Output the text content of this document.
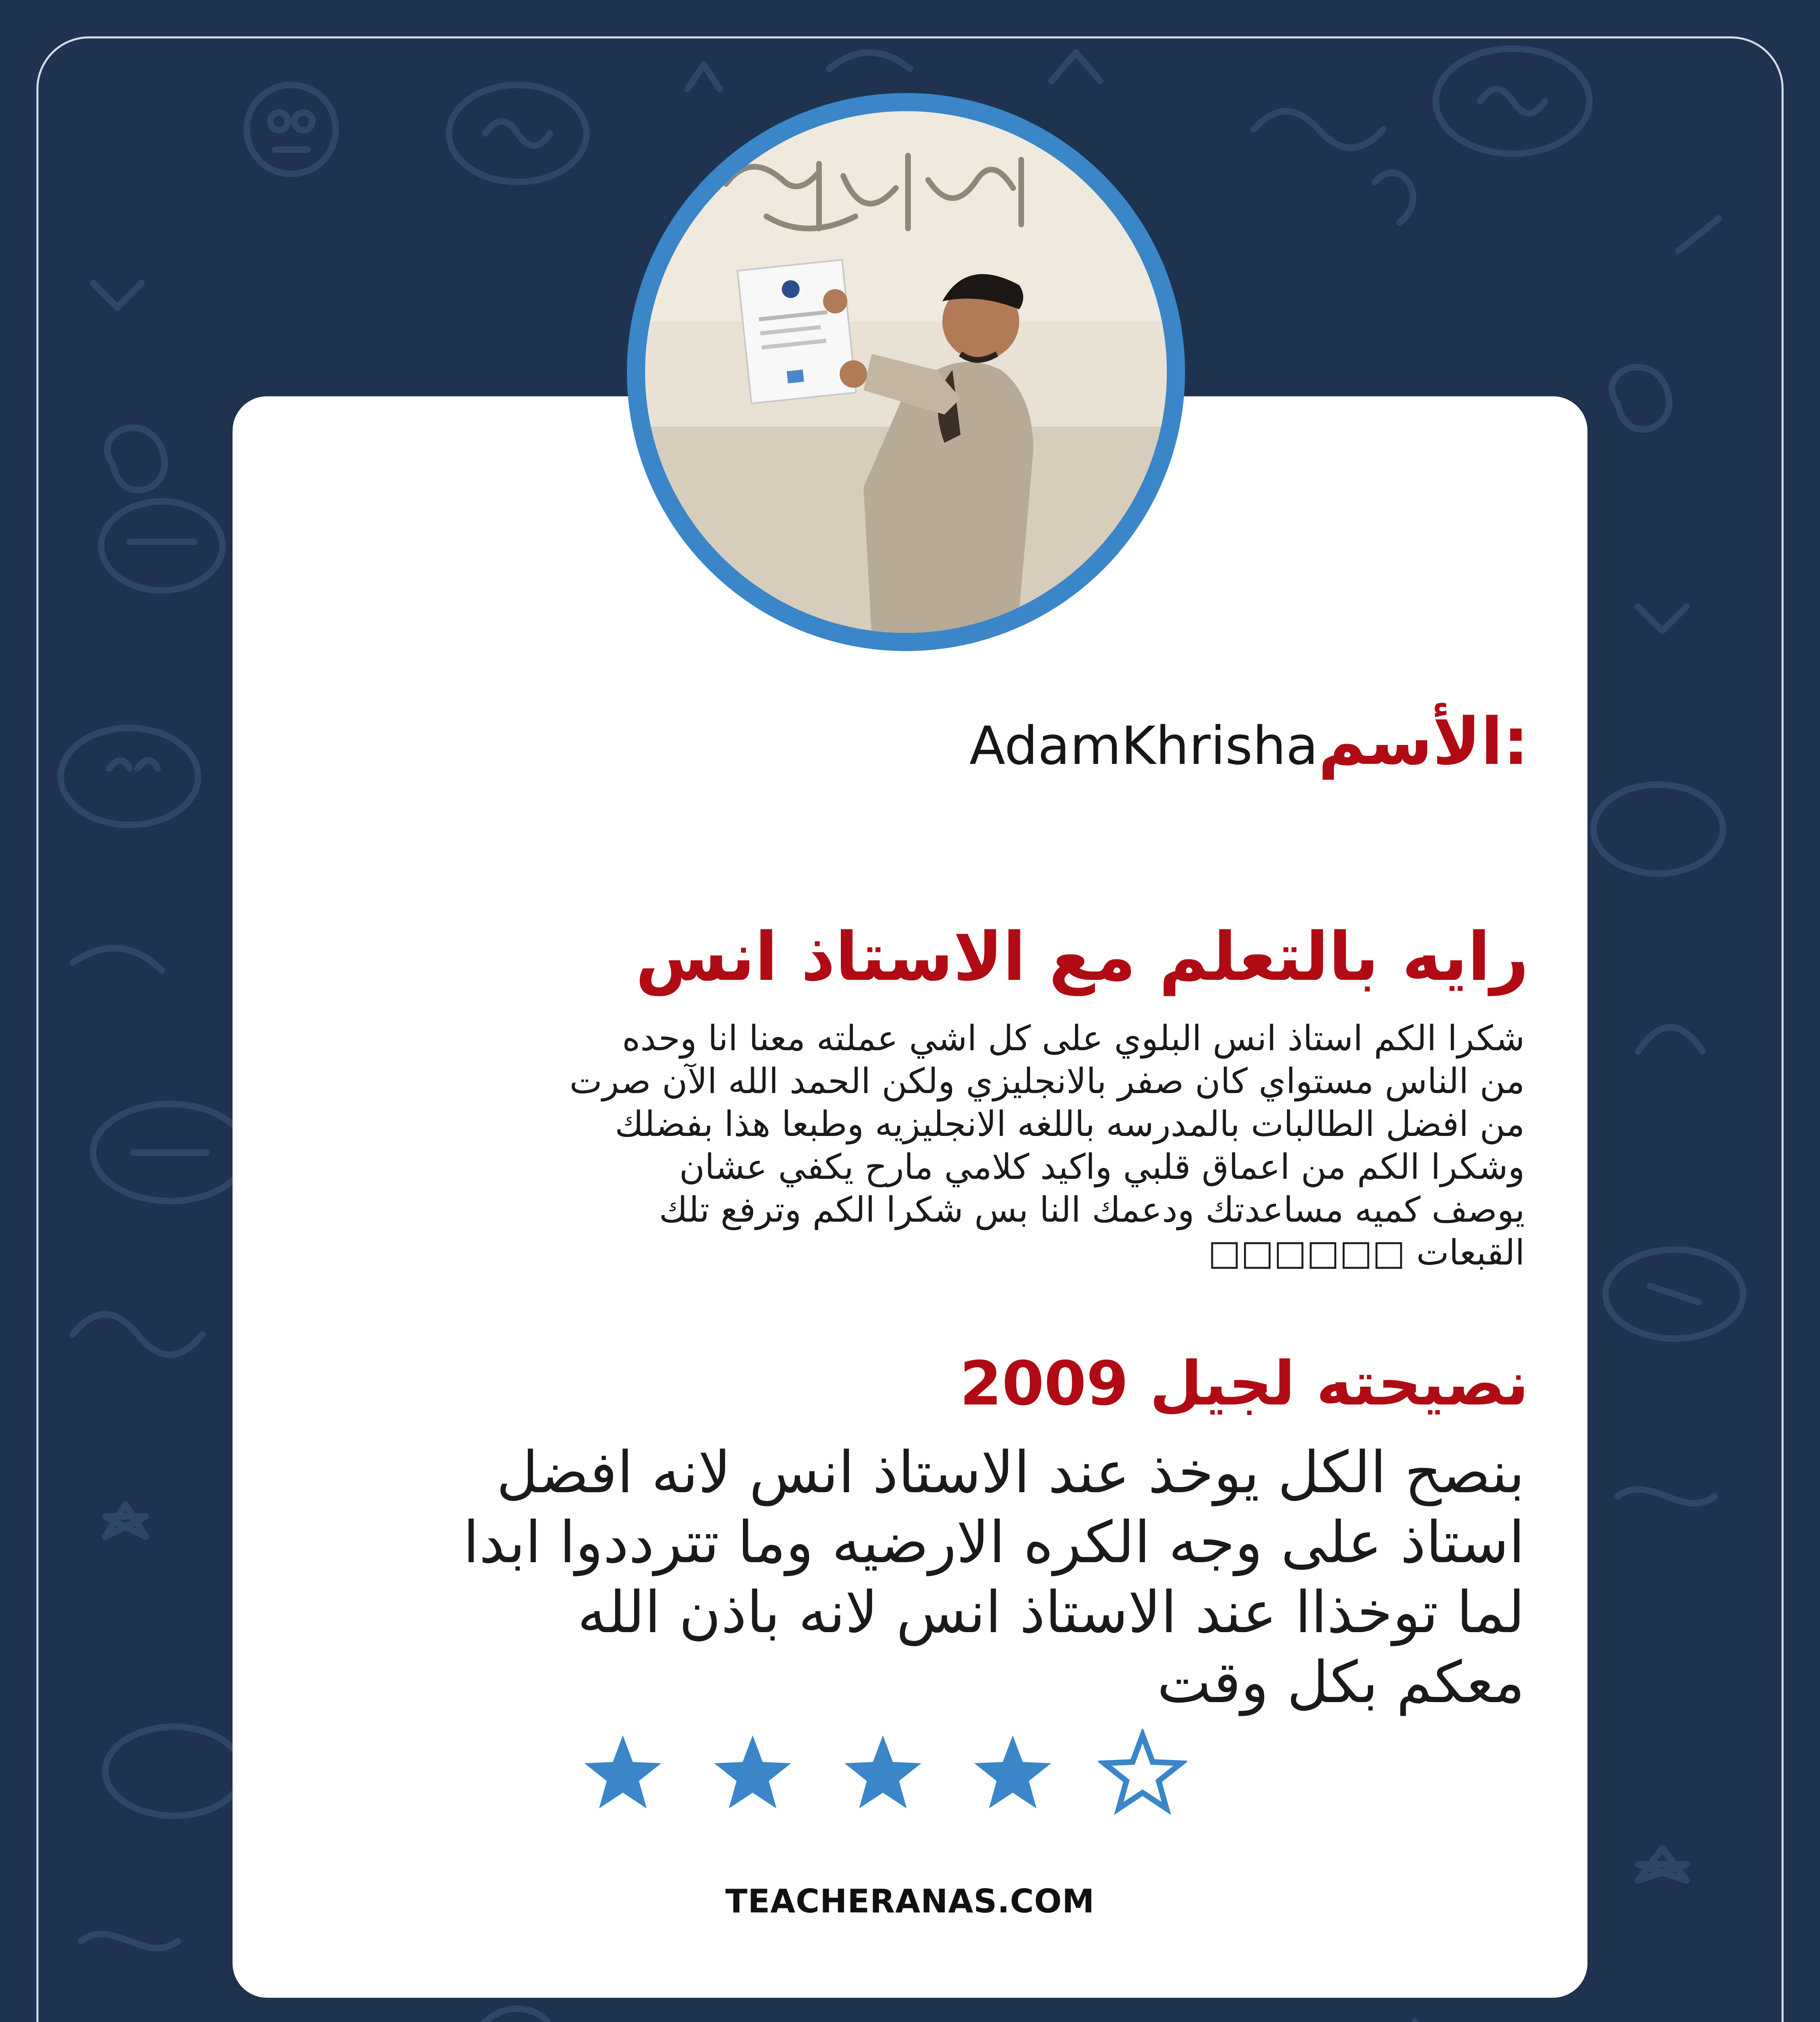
AdamKhrishaالأسم:
رايه بالتعلم مع الاستاذ انس
شكرا الكم استاذ انس البلوي على كل اشي عملته معنا انا وحده
من الناس مستواي كان صفر بالانجليزي ولكن الحمد الله الآن صرت
من افضل الطالبات بالمدرسه باللغه الانجليزيه وطبعا هذا بفضلك
وشكرا الكم من اعماق قلبي واكيد كلامي مارح يكفي عشان
يوصف كميه مساعدتك ودعمك النا بس شكرا الكم وترفع تلك
القبعات □□□□□□
نصيحته لجيل 2009
بنصح الكل يوخذ عند الاستاذ انس لانه افضل
استاذ على وجه الكره الارضيه وما تترددوا ابدا
لما توخذاا عند الاستاذ انس لانه باذن الله
معكم بكل وقت
TEACHERANAS.COM
